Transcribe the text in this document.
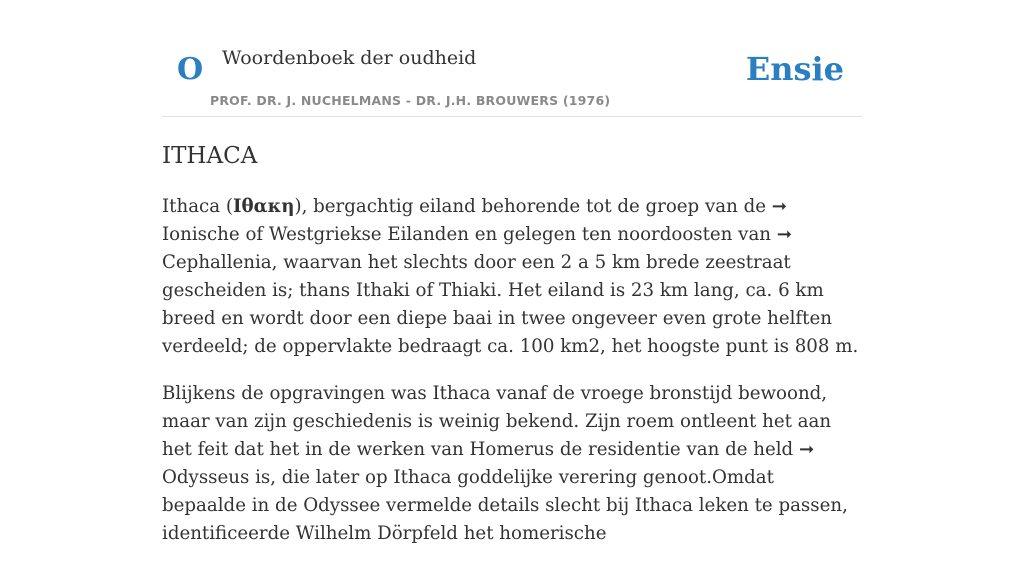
O Woordenboek der oudheid	Ensie
PROF. DR. J. NUCHELMANS - DR. J.H. BROUWERS (1976)
ITHACA

Ithaca (Ιθακη), bergachtig eiland behorende tot de groep van de ➞ Ionische of Westgriekse Eilanden en gelegen ten noordoosten van ➞ Cephallenia, waarvan het slechts door een 2 a 5 km brede zeestraat gescheiden is; thans Ithaki of Thiaki. Het eiland is 23 km lang, ca. 6 km breed en wordt door een diepe baai in twee ongeveer even grote helften verdeeld; de oppervlakte bedraagt ca. 100 km2, het hoogste punt is 808 m.

Blijkens de opgravingen was Ithaca vanaf de vroege bronstijd bewoond, maar van zijn geschiedenis is weinig bekend. Zijn roem ontleent het aan het feit dat het in de werken van Homerus de residentie van de held ➞ Odysseus is, die later op Ithaca goddelijke verering genoot.Omdat bepaalde in de Odyssee vermelde details slecht bij Ithaca leken te passen, identificeerde Wilhelm Dörpfeld het homerische
